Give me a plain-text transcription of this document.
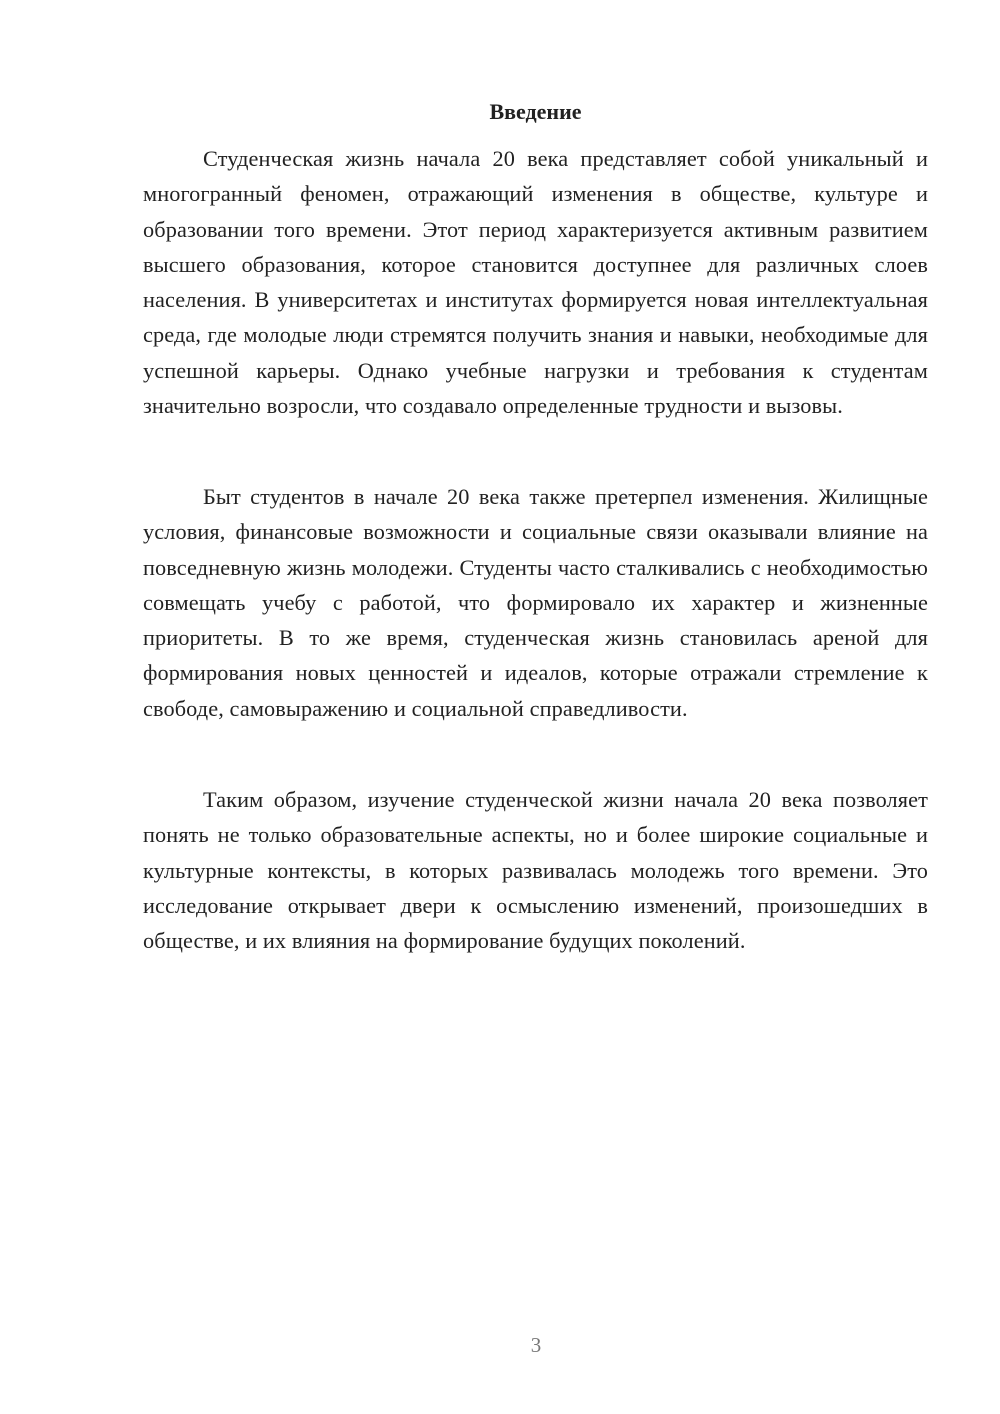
Введение

Студенческая жизнь начала 20 века представляет собой уникальный и многогранный феномен, отражающий изменения в обществе, культуре и образовании того времени. Этот период характеризуется активным развитием высшего образования, которое становится доступнее для различных слоев населения. В университетах и институтах формируется новая интеллектуальная среда, где молодые люди стремятся получить знания и навыки, необходимые для успешной карьеры. Однако учебные нагрузки и требования к студентам значительно возросли, что создавало определенные трудности и вызовы.

Быт студентов в начале 20 века также претерпел изменения. Жилищные условия, финансовые возможности и социальные связи оказывали влияние на повседневную жизнь молодежи. Студенты часто сталкивались с необходимостью совмещать учебу с работой, что формировало их характер и жизненные приоритеты. В то же время, студенческая жизнь становилась ареной для формирования новых ценностей и идеалов, которые отражали стремление к свободе, самовыражению и социальной справедливости.

Таким образом, изучение студенческой жизни начала 20 века позволяет понять не только образовательные аспекты, но и более широкие социальные и культурные контексты, в которых развивалась молодежь того времени. Это исследование открывает двери к осмыслению изменений, произошедших в обществе, и их влияния на формирование будущих поколений.

3
